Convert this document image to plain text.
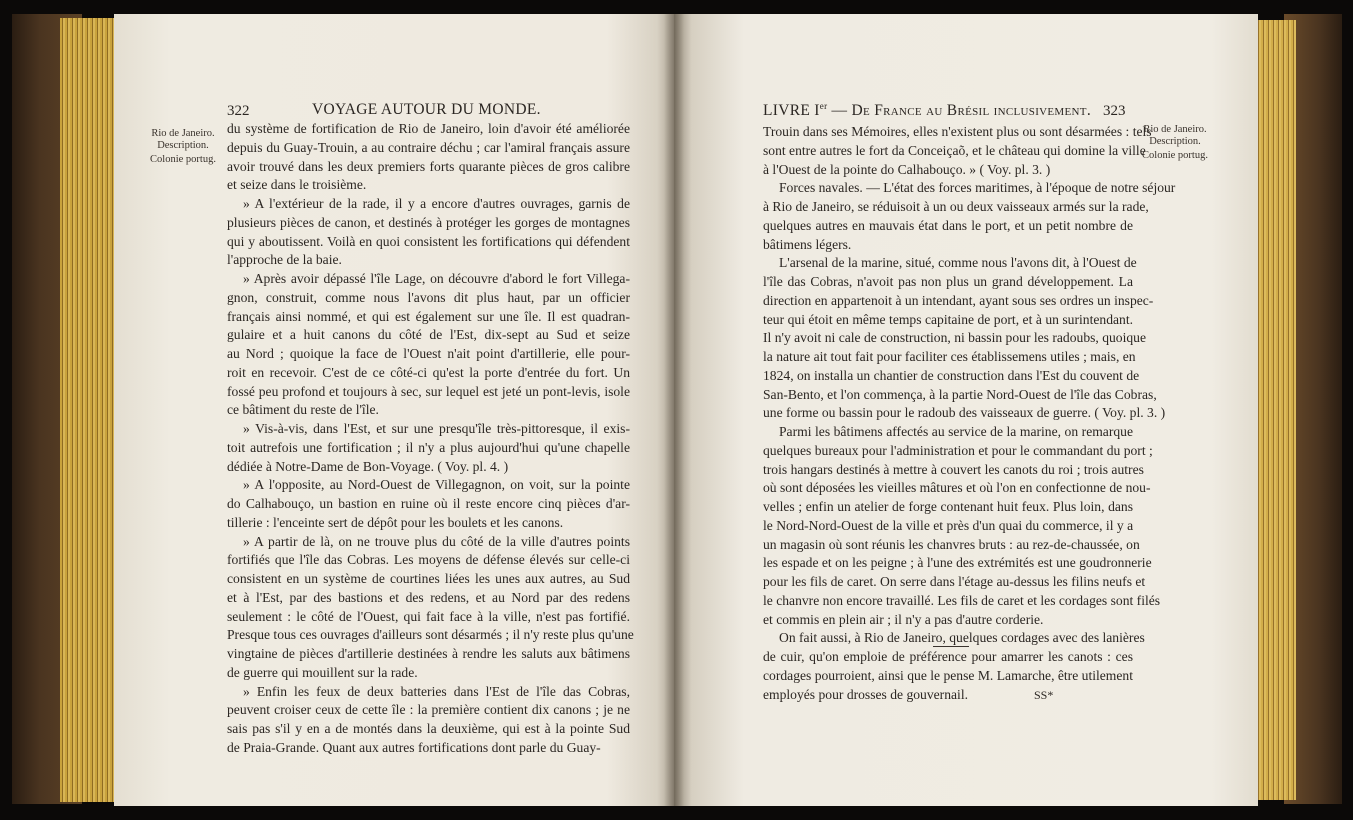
322	VOYAGE AUTOUR DU MONDE.
Rio de Janeiro.
Description.
Colonie portug.
du système de fortification de Rio de Janeiro, loin d'avoir été améliorée
depuis du Guay-Trouin, a au contraire déchu ; car l'amiral français assure
avoir trouvé dans les deux premiers forts quarante pièces de gros calibre
et seize dans le troisième.
» A l'extérieur de la rade, il y a encore d'autres ouvrages, garnis de
plusieurs pièces de canon, et destinés à protéger les gorges de montagnes
qui y aboutissent. Voilà en quoi consistent les fortifications qui défendent
l'approche de la baie.
» Après avoir dépassé l'île Lage, on découvre d'abord le fort Villega-
gnon, construit, comme nous l'avons dit plus haut, par un officier
français ainsi nommé, et qui est également sur une île. Il est quadran-
gulaire et a huit canons du côté de l'Est, dix-sept au Sud et seize
au Nord ; quoique la face de l'Ouest n'ait point d'artillerie, elle pour-
roit en recevoir. C'est de ce côté-ci qu'est la porte d'entrée du fort. Un
fossé peu profond et toujours à sec, sur lequel est jeté un pont-levis, isole
ce bâtiment du reste de l'île.
» Vis-à-vis, dans l'Est, et sur une presqu'île très-pittoresque, il exis-
toit autrefois une fortification ; il n'y a plus aujourd'hui qu'une chapelle
dédiée à Notre-Dame de Bon-Voyage. ( Voy. pl. 4. )
» A l'opposite, au Nord-Ouest de Villegagnon, on voit, sur la pointe
do Calhabouço, un bastion en ruine où il reste encore cinq pièces d'ar-
tillerie : l'enceinte sert de dépôt pour les boulets et les canons.
» A partir de là, on ne trouve plus du côté de la ville d'autres points
fortifiés que l'île das Cobras. Les moyens de défense élevés sur celle-ci
consistent en un système de courtines liées les unes aux autres, au Sud
et à l'Est, par des bastions et des redens, et au Nord par des redens
seulement : le côté de l'Ouest, qui fait face à la ville, n'est pas fortifié.
Presque tous ces ouvrages d'ailleurs sont désarmés ; il n'y reste plus qu'une
vingtaine de pièces d'artillerie destinées à rendre les saluts aux bâtimens
de guerre qui mouillent sur la rade.
» Enfin les feux de deux batteries dans l'Est de l'île das Cobras,
peuvent croiser ceux de cette île : la première contient dix canons ; je ne
sais pas s'il y en a de montés dans la deuxième, qui est à la pointe Sud
de Praia-Grande. Quant aux autres fortifications dont parle du Guay-
LIVRE Ier — De France au Brésil inclusivement. 323
Rio de Janeiro.
Description.
Colonie portug.
Trouin dans ses Mémoires, elles n'existent plus ou sont désarmées : tels
sont entre autres le fort da Conceiçaõ, et le château qui domine la ville
à l'Ouest de la pointe do Calhabouço. » ( Voy. pl. 3. )
Forces navales. — L'état des forces maritimes, à l'époque de notre séjour
à Rio de Janeiro, se réduisoit à un ou deux vaisseaux armés sur la rade,
quelques autres en mauvais état dans le port, et un petit nombre de
bâtimens légers.
L'arsenal de la marine, situé, comme nous l'avons dit, à l'Ouest de
l'île das Cobras, n'avoit pas non plus un grand développement. La
direction en appartenoit à un intendant, ayant sous ses ordres un inspec-
teur qui étoit en même temps capitaine de port, et à un surintendant.
Il n'y avoit ni cale de construction, ni bassin pour les radoubs, quoique
la nature ait tout fait pour faciliter ces établissemens utiles ; mais, en
1824, on installa un chantier de construction dans l'Est du couvent de
San-Bento, et l'on commença, à la partie Nord-Ouest de l'île das Cobras,
une forme ou bassin pour le radoub des vaisseaux de guerre. ( Voy. pl. 3. )
Parmi les bâtimens affectés au service de la marine, on remarque
quelques bureaux pour l'administration et pour le commandant du port ;
trois hangars destinés à mettre à couvert les canots du roi ; trois autres
où sont déposées les vieilles mâtures et où l'on en confectionne de nou-
velles ; enfin un atelier de forge contenant huit feux. Plus loin, dans
le Nord-Nord-Ouest de la ville et près d'un quai du commerce, il y a
un magasin où sont réunis les chanvres bruts : au rez-de-chaussée, on
les espade et on les peigne ; à l'une des extrémités est une goudronnerie
pour les fils de caret. On serre dans l'étage au-dessus les filins neufs et
le chanvre non encore travaillé. Les fils de caret et les cordages sont filés
et commis en plein air ; il n'y a pas d'autre corderie.
On fait aussi, à Rio de Janeiro, quelques cordages avec des lanières
de cuir, qu'on emploie de préférence pour amarrer les canots : ces
cordages pourroient, ainsi que le pense M. Lamarche, être utilement
employés pour drosses de gouvernail.	SS*
